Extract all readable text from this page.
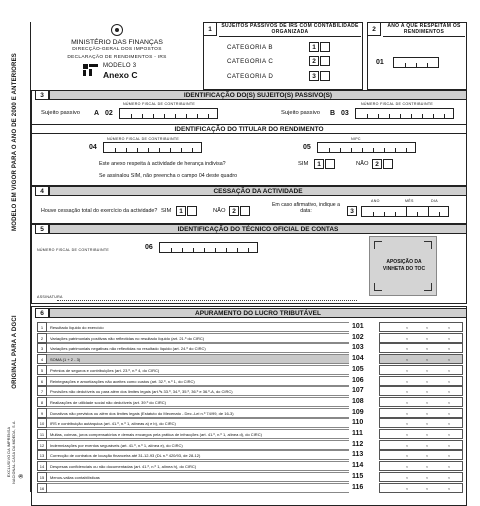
MODELO EM VIGOR PARA O ANO DE 2000 E ANTERIORES
ORIGINAL PARA A DGCI
EXCLUSIVO DA IMPRENSA NACIONAL-CASA DA MOEDA, S.A. ®
MINISTÉRIO DAS FINANÇAS
DIRECÇÃO-GERAL DOS IMPOSTOS
DECLARAÇÃO DE RENDIMENTOS - IRS
MODELO 3
Anexo C
1	SUJEITOS PASSIVOS DE IRS COM CONTABILIDADE ORGANIZADA
CATEGORIA B	1
CATEGORIA C	2
CATEGORIA D	3
2	ANO A QUE RESPEITAM OS RENDIMENTOS
01
3	IDENTIFICAÇÃO DO(S) SUJEITO(S) PASSIVO(S)
NÚMERO FISCAL DE CONTRIBUINTE
Sujeito passivo A 02
NÚMERO FISCAL DE CONTRIBUINTE
Sujeito passivo B 03
IDENTIFICAÇÃO DO TITULAR DO RENDIMENTO
NÚMERO FISCAL DE CONTRIBUINTE
04
NIPC
05
Este anexo respeita à actividade de herança indivisa?	SIM	1	NÃO	2
Se assinalou SIM, não preencha o campo 04 deste quadro
4	CESSAÇÃO DA ACTIVIDADE
Houve cessação total do exercício da actividade? SIM	1	NÃO	2
Em caso afirmativo, indique a data:	3
ANO	MÊS	DIA
5	IDENTIFICAÇÃO DO TÉCNICO OFICIAL DE CONTAS
NÚMERO FISCAL DE CONTRIBUINTE	06
ASSINATURA
APOSIÇÃO DA VINHETA DO TOC
6	APURAMENTO DO LUCRO TRIBUTÁVEL
1	Resultado líquido do exercício	101	,	,	,
2	Variações patrimoniais positivas não reflectidas no resultado líquido (art. 21.º do CIRC)	102	,	,	,
3	Variações patrimoniais negativas não reflectidas no resultado líquido (art. 24.º do CIRC)	103	,	,	,
4	SOMA (1 + 2 - 3)	104	,	,	,
5	Prémios de seguros e contribuições (art. 23.º, n.º 4, do CIRC)	105	,	,	,
6	Reintegrações e amortizações não aceites como custos (art. 32.º, n.º 1, do CIRC)	106	,	,	,
7	Provisões não dedutíveis ou para além dos limites legais (art.ºs 33.º, 34.º, 35.º, 36.º e 36.º-A, do CIRC)	107	,	,	,
8	Realizações de utilidade social não dedutíveis (art. 39.º do CIRC)	108	,	,	,
9	Donativos não previstos ou além dos limites legais (Estatuto do Mecenato - Dec.-Lei n.º 74/99, de 16-3)	109	,	,	,
10	IRS e contribuição autárquica (art. 41.º, n.º 1, alíneas a) e b), do CIRC)	110	,	,	,
11	Multas, coimas, juros compensatórios e demais encargos pela prática de infracções (art. 41.º, n.º 1, alínea d), do CIRC)	111	,	,	,
12	Indemnizações por eventos seguráveis (art. 41.º, n.º 1, alínea e), do CIRC)	112	,	,	,
13	Correcção de contratos de locação financeira até 31-12-93 (DL n.º 420/93, de 28-12)	113	,	,	,
14	Despesas confidenciais ou não documentadas (art. 41.º, n.º 1, alínea h), do CIRC)	114	,	,	,
15	Menos-valias contabilísticas	115	,	,	,
16	116	,	,	,
